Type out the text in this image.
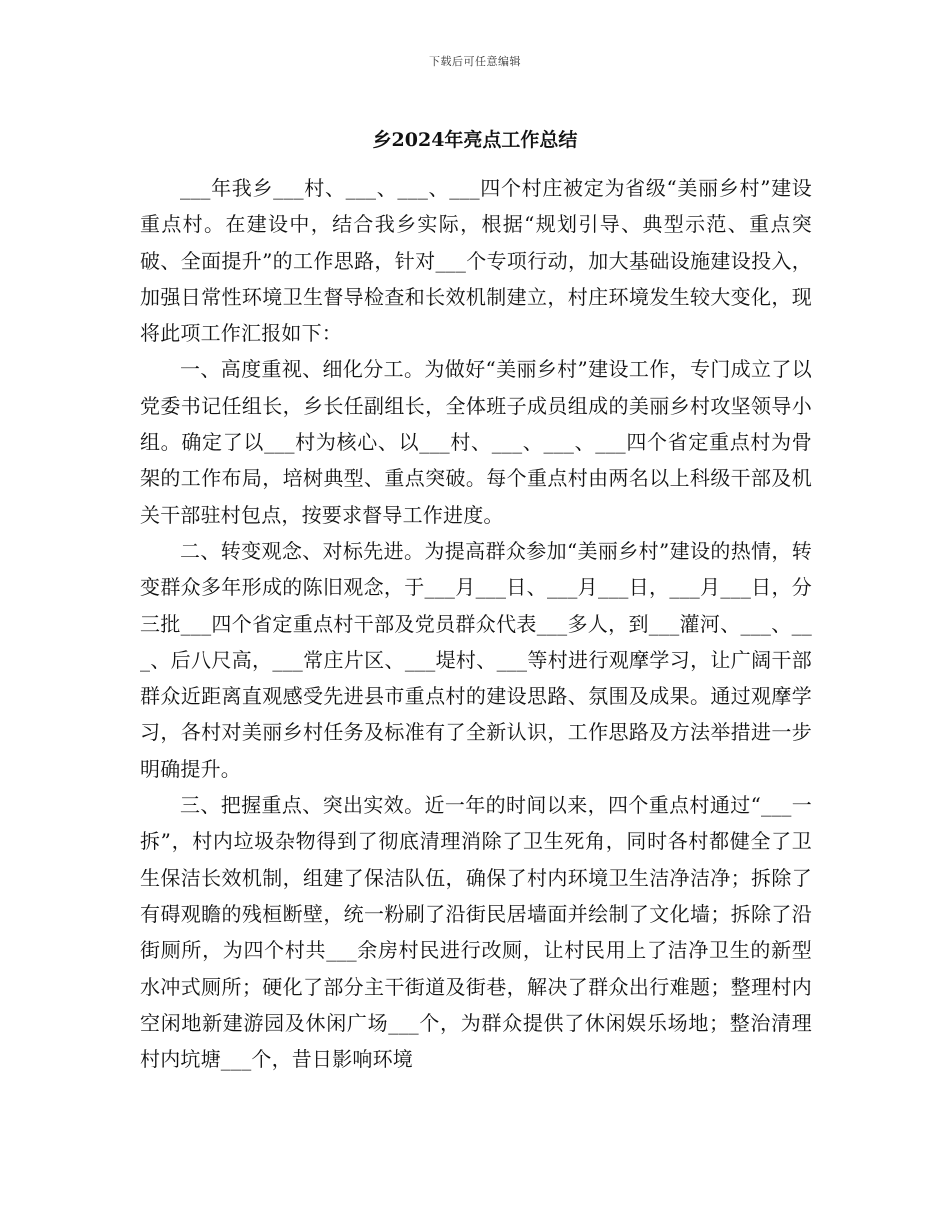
下载后可任意编辑
乡2024年亮点工作总结

___年我乡___村、___、___、___四个村庄被定为省级“美丽乡村”建设重点村。在建设中，结合我乡实际，根据“规划引导、典型示范、重点突破、全面提升”的工作思路，针对___个专项行动，加大基础设施建设投入，加强日常性环境卫生督导检查和长效机制建立，村庄环境发生较大变化，现将此项工作汇报如下：

一、高度重视、细化分工。为做好“美丽乡村”建设工作，专门成立了以党委书记任组长，乡长任副组长，全体班子成员组成的美丽乡村攻坚领导小组。确定了以___村为核心、以___村、___、___、___四个省定重点村为骨架的工作布局，培树典型、重点突破。每个重点村由两名以上科级干部及机关干部驻村包点，按要求督导工作进度。

二、转变观念、对标先进。为提高群众参加“美丽乡村”建设的热情，转变群众多年形成的陈旧观念，于___月___日、___月___日，___月___日，分三批___四个省定重点村干部及党员群众代表___多人，到___灌河、___、___、后八尺高，___常庄片区、___堤村、___等村进行观摩学习，让广阔干部群众近距离直观感受先进县市重点村的建设思路、氛围及成果。通过观摩学习，各村对美丽乡村任务及标准有了全新认识，工作思路及方法举措进一步明确提升。

三、把握重点、突出实效。近一年的时间以来，四个重点村通过“___一拆”，村内垃圾杂物得到了彻底清理消除了卫生死角，同时各村都健全了卫生保洁长效机制，组建了保洁队伍，确保了村内环境卫生洁净洁净；拆除了有碍观瞻的残桓断壁，统一粉刷了沿街民居墙面并绘制了文化墙；拆除了沿街厕所，为四个村共___余房村民进行改厕，让村民用上了洁净卫生的新型水冲式厕所；硬化了部分主干街道及街巷，解决了群众出行难题；整理村内空闲地新建游园及休闲广场___个，为群众提供了休闲娱乐场地；整治清理村内坑塘___个，昔日影响环境
